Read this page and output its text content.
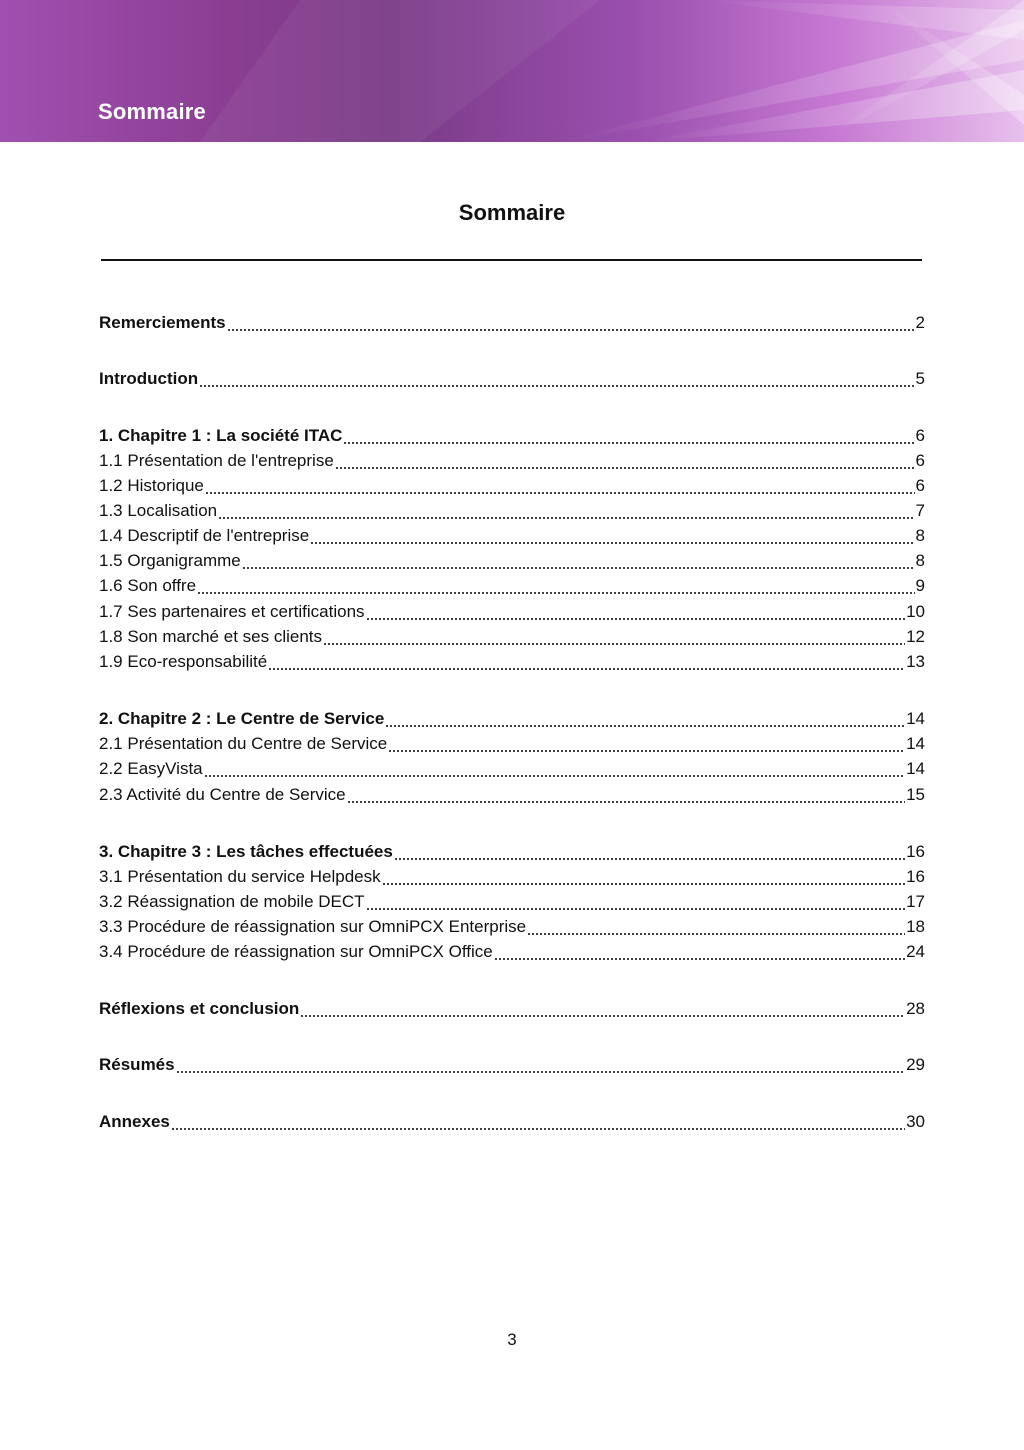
Sommaire
Sommaire
Remerciements	2
Introduction	5
1. Chapitre 1 : La société ITAC	6
1.1 Présentation de l'entreprise	6
1.2 Historique	6
1.3 Localisation	7
1.4 Descriptif de l'entreprise	8
1.5 Organigramme	8
1.6 Son offre	9
1.7 Ses partenaires et certifications	10
1.8 Son marché et ses clients	12
1.9 Eco-responsabilité	13
2. Chapitre 2 : Le Centre de Service	14
2.1 Présentation du Centre de Service	14
2.2 EasyVista	14
2.3 Activité du Centre de Service	15
3. Chapitre 3 : Les tâches effectuées	16
3.1 Présentation du service Helpdesk	16
3.2 Réassignation de mobile DECT	17
3.3 Procédure de réassignation sur OmniPCX Enterprise	18
3.4 Procédure de réassignation sur OmniPCX Office	24
Réflexions et conclusion	28
Résumés	29
Annexes	30
3
